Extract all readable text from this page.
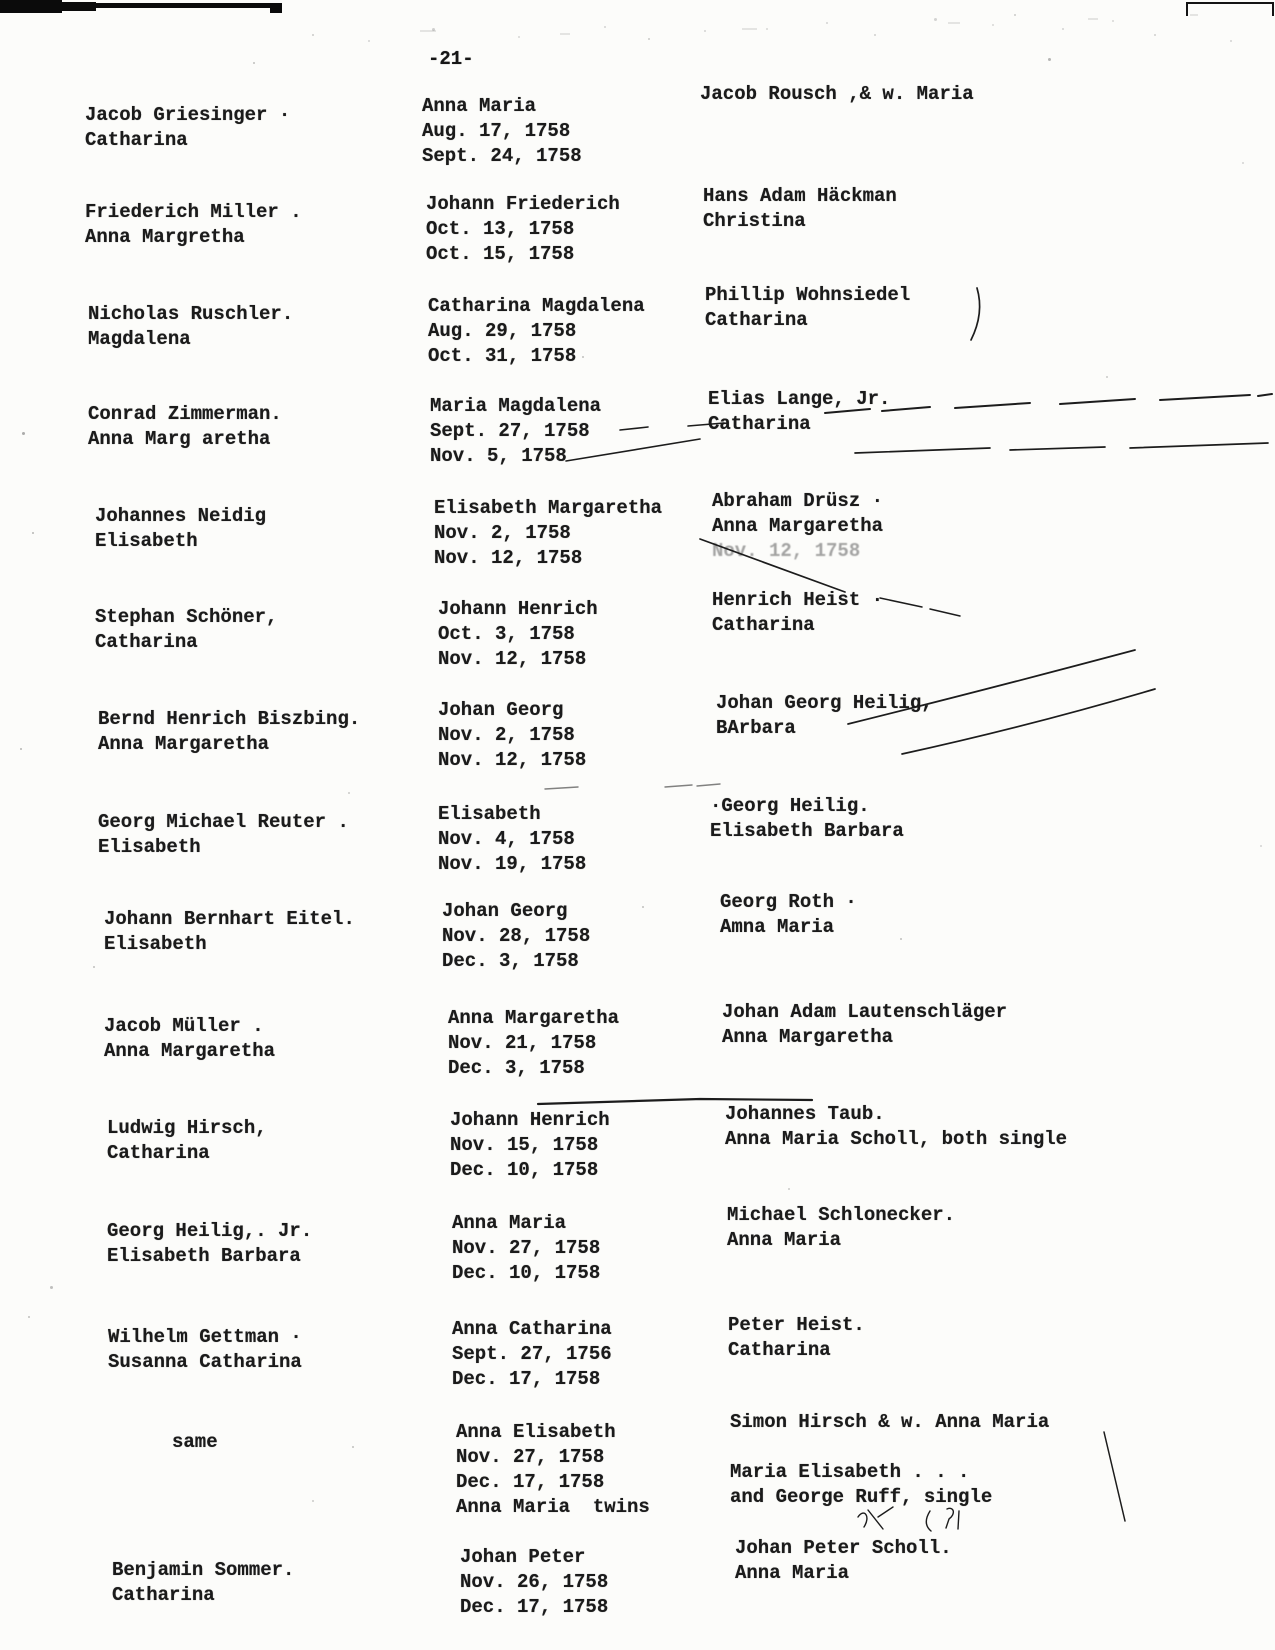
-21-
Jacob Griesinger ·
Catharina
Anna Maria
Aug. 17, 1758
Sept. 24, 1758
Jacob Rousch ,& w. Maria
Friederich Miller .
Anna Margretha
Johann Friederich
Oct. 13, 1758
Oct. 15, 1758
Hans Adam Häckman
Christina
Nicholas Ruschler.
Magdalena
Catharina Magdalena
Aug. 29, 1758
Oct. 31, 1758
Phillip Wohnsiedel
Catharina
Conrad Zimmerman.
Anna Marg aretha
Maria Magdalena
Sept. 27, 1758
Nov. 5, 1758
Elias Lange, Jr.
Catharina
Johannes Neidig
Elisabeth
Elisabeth Margaretha
Nov. 2, 1758
Nov. 12, 1758
Abraham Drüsz ·
Anna Margaretha
Nov. 12, 1758
Stephan Schöner,
Catharina
Johann Henrich
Oct. 3, 1758
Nov. 12, 1758
Henrich Heist ·
Catharina
Bernd Henrich Biszbing.
Anna Margaretha
Johan Georg
Nov. 2, 1758
Nov. 12, 1758
Johan Georg Heilig,
BArbara
Georg Michael Reuter .
Elisabeth
Elisabeth
Nov. 4, 1758
Nov. 19, 1758
·Georg Heilig.
Elisabeth Barbara
Johann Bernhart Eitel.
Elisabeth
Johan Georg
Nov. 28, 1758
Dec. 3, 1758
Georg Roth ·
Amna Maria
Jacob Müller .
Anna Margaretha
Anna Margaretha
Nov. 21, 1758
Dec. 3, 1758
Johan Adam Lautenschläger
Anna Margaretha
Ludwig Hirsch,
Catharina
Johann Henrich
Nov. 15, 1758
Dec. 10, 1758
Johannes Taub.
Anna Maria Scholl, both single
Georg Heilig,. Jr.
Elisabeth Barbara
Anna Maria
Nov. 27, 1758
Dec. 10, 1758
Michael Schlonecker.
Anna Maria
Wilhelm Gettman ·
Susanna Catharina
Anna Catharina
Sept. 27, 1756
Dec. 17, 1758
Peter Heist.
Catharina
same	Anna Elisabeth
Nov. 27, 1758
Dec. 17, 1758
Anna Maria  twins
Simon Hirsch & w. Anna Maria
Maria Elisabeth . . .
and George Ruff, single
Benjamin Sommer.
Catharina
Johan Peter
Nov. 26, 1758
Dec. 17, 1758
Johan Peter Scholl.
Anna Maria
